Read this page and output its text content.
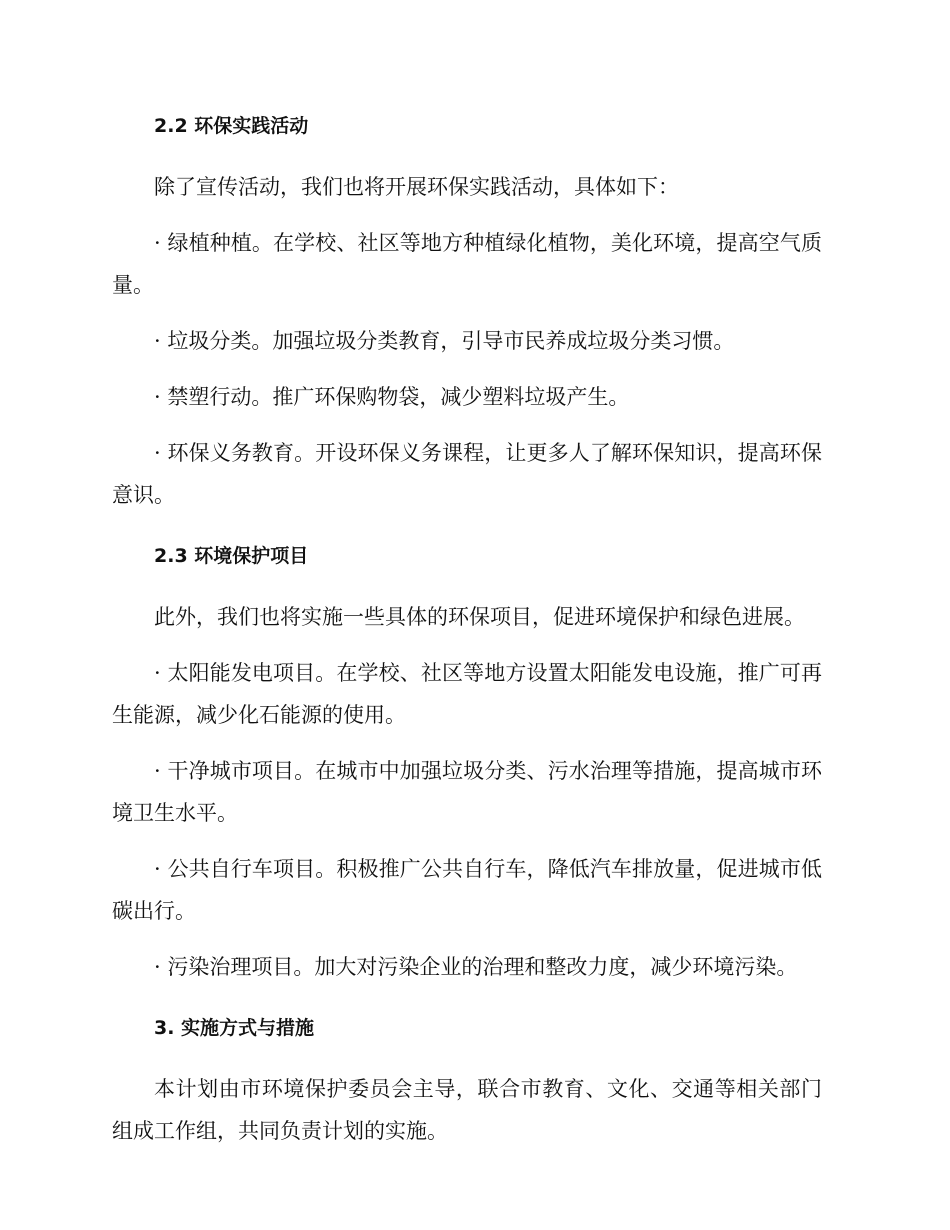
2.2 环保实践活动

除了宣传活动，我们也将开展环保实践活动，具体如下：

· 绿植种植。在学校、社区等地方种植绿化植物，美化环境，提高空气质量。

· 垃圾分类。加强垃圾分类教育，引导市民养成垃圾分类习惯。

· 禁塑行动。推广环保购物袋，减少塑料垃圾产生。

· 环保义务教育。开设环保义务课程，让更多人了解环保知识，提高环保意识。

2.3 环境保护项目

此外，我们也将实施一些具体的环保项目，促进环境保护和绿色进展。

· 太阳能发电项目。在学校、社区等地方设置太阳能发电设施，推广可再生能源，减少化石能源的使用。

· 干净城市项目。在城市中加强垃圾分类、污水治理等措施，提高城市环境卫生水平。

· 公共自行车项目。积极推广公共自行车，降低汽车排放量，促进城市低碳出行。

· 污染治理项目。加大对污染企业的治理和整改力度，减少环境污染。

3. 实施方式与措施

本计划由市环境保护委员会主导，联合市教育、文化、交通等相关部门组成工作组，共同负责计划的实施。
